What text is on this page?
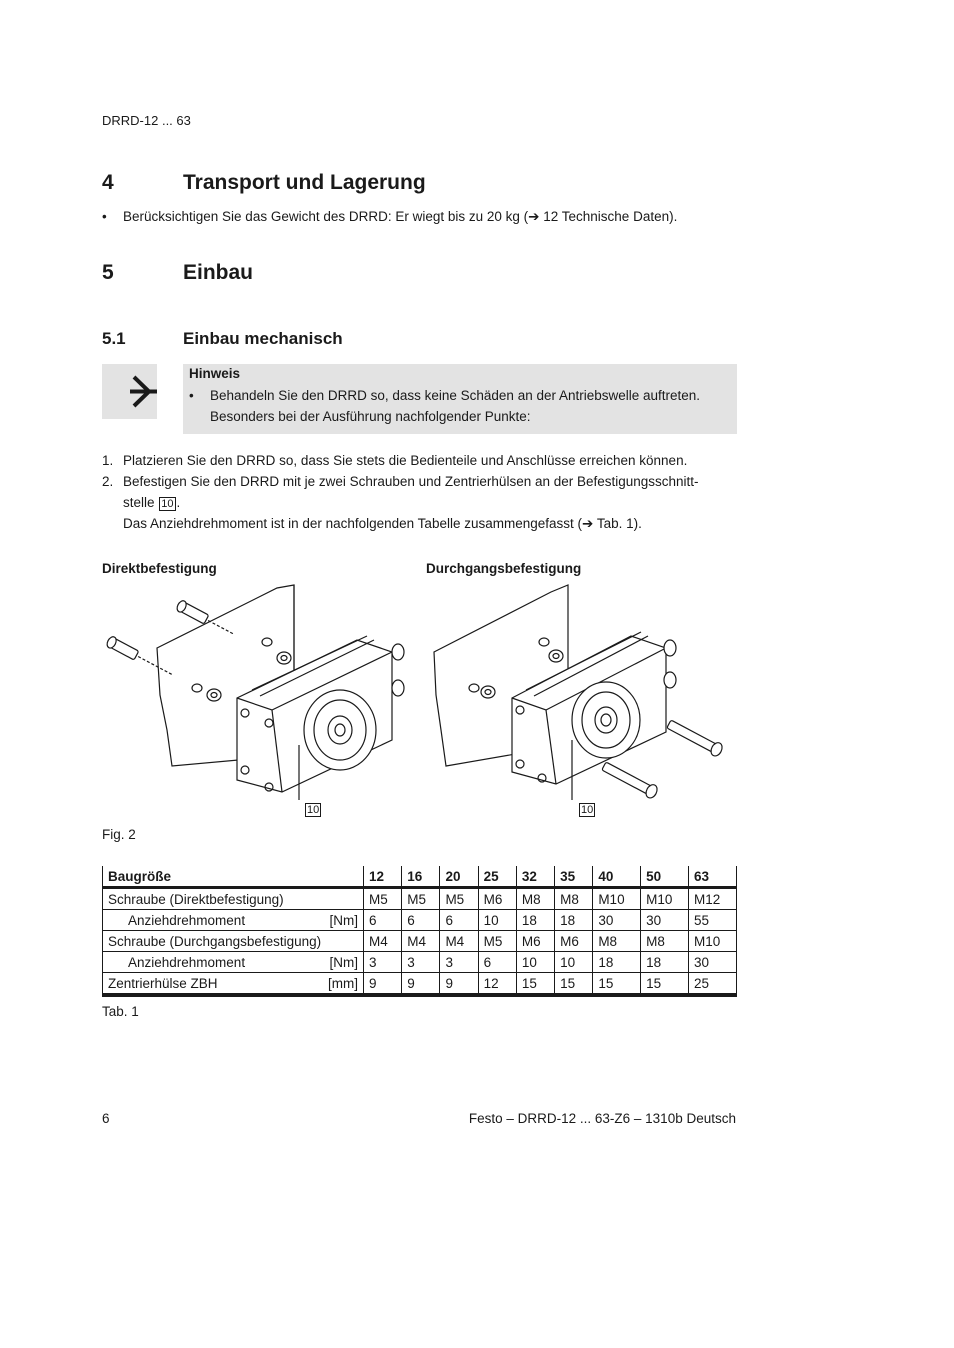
DRRD-12 ... 63
4	Transport und Lagerung
• Berücksichtigen Sie das Gewicht des DRRD: Er wiegt bis zu 20 kg (➔ 12 Technische Daten).
5	Einbau
5.1	Einbau mechanisch
Hinweis
• Behandeln Sie den DRRD so, dass keine Schäden an der Antriebswelle auftreten.
Besonders bei der Ausführung nachfolgender Punkte:
1. Platzieren Sie den DRRD so, dass Sie stets die Bedienteile und Anschlüsse erreichen können.
2. Befestigen Sie den DRRD mit je zwei Schrauben und Zentrierhülsen an der Befestigungsschnitt-
stelle 10 .
Das Anziehdrehmoment ist in der nachfolgenden Tabelle zusammengefasst (➔ Tab. 1).
Direktbefestigung	Durchgangsbefestigung
10	10
Fig. 2
Baugröße	12	16	20	25	32	35	40	50	63
Schraube (Direktbefestigung)	M5	M5	M5	M6	M8	M8	M10	M10	M12
Anziehdrehmoment [Nm]	6	6	6	10	18	18	30	30	55
Schraube (Durchgangsbefestigung)	M4	M4	M4	M5	M6	M6	M8	M8	M10
Anziehdrehmoment [Nm]	3	3	3	6	10	10	18	18	30
Zentrierhülse ZBH [mm]	9	9	9	12	15	15	15	15	25
Tab. 1
6	Festo – DRRD-12 ... 63-Z6 – 1310b Deutsch
